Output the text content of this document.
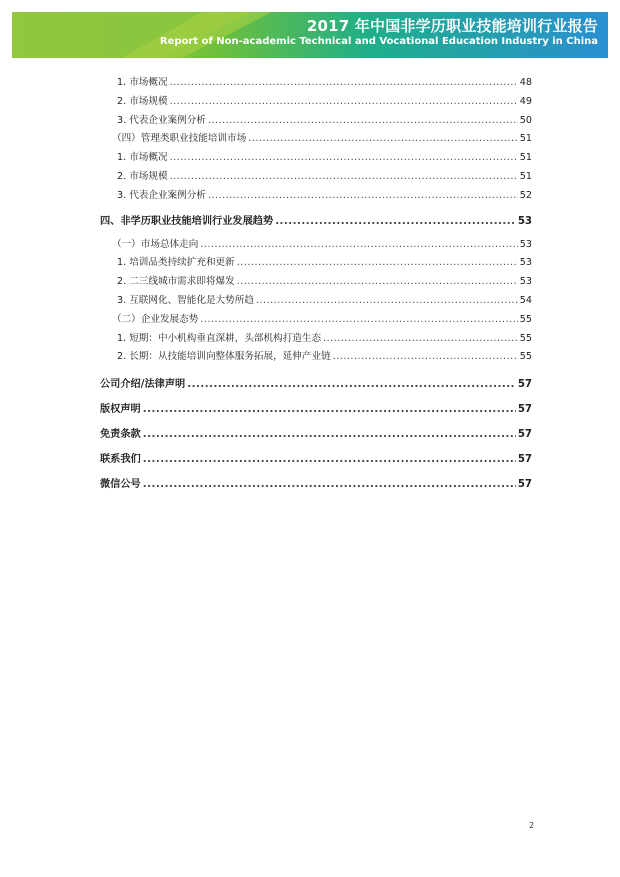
2017 年中国非学历职业技能培训行业报告
Report of Non-academic Technical and Vocational Education Industry in China
1. 市场概况 .....	48
2. 市场规模 .....	49
3. 代表企业案例分析 .....	50
（四）管理类职业技能培训市场 .....	51
1. 市场概况 .....	51
2. 市场规模 .....	51
3. 代表企业案例分析 .....	52
四、非学历职业技能培训行业发展趋势 .....	53
（一）市场总体走向 .....	53
1. 培训品类持续扩充和更新 .....	53
2. 二三线城市需求即将爆发 .....	53
3. 互联网化、智能化是大势所趋 .....	54
（二）企业发展态势 .....	55
1. 短期：中小机构垂直深耕，头部机构打造生态 .....	55
2. 长期：从技能培训向整体服务拓展，延伸产业链 .....	55
公司介绍/法律声明 .....	57
版权声明 .....	57
免责条款 .....	57
联系我们 .....	57
微信公号 .....	57
2
